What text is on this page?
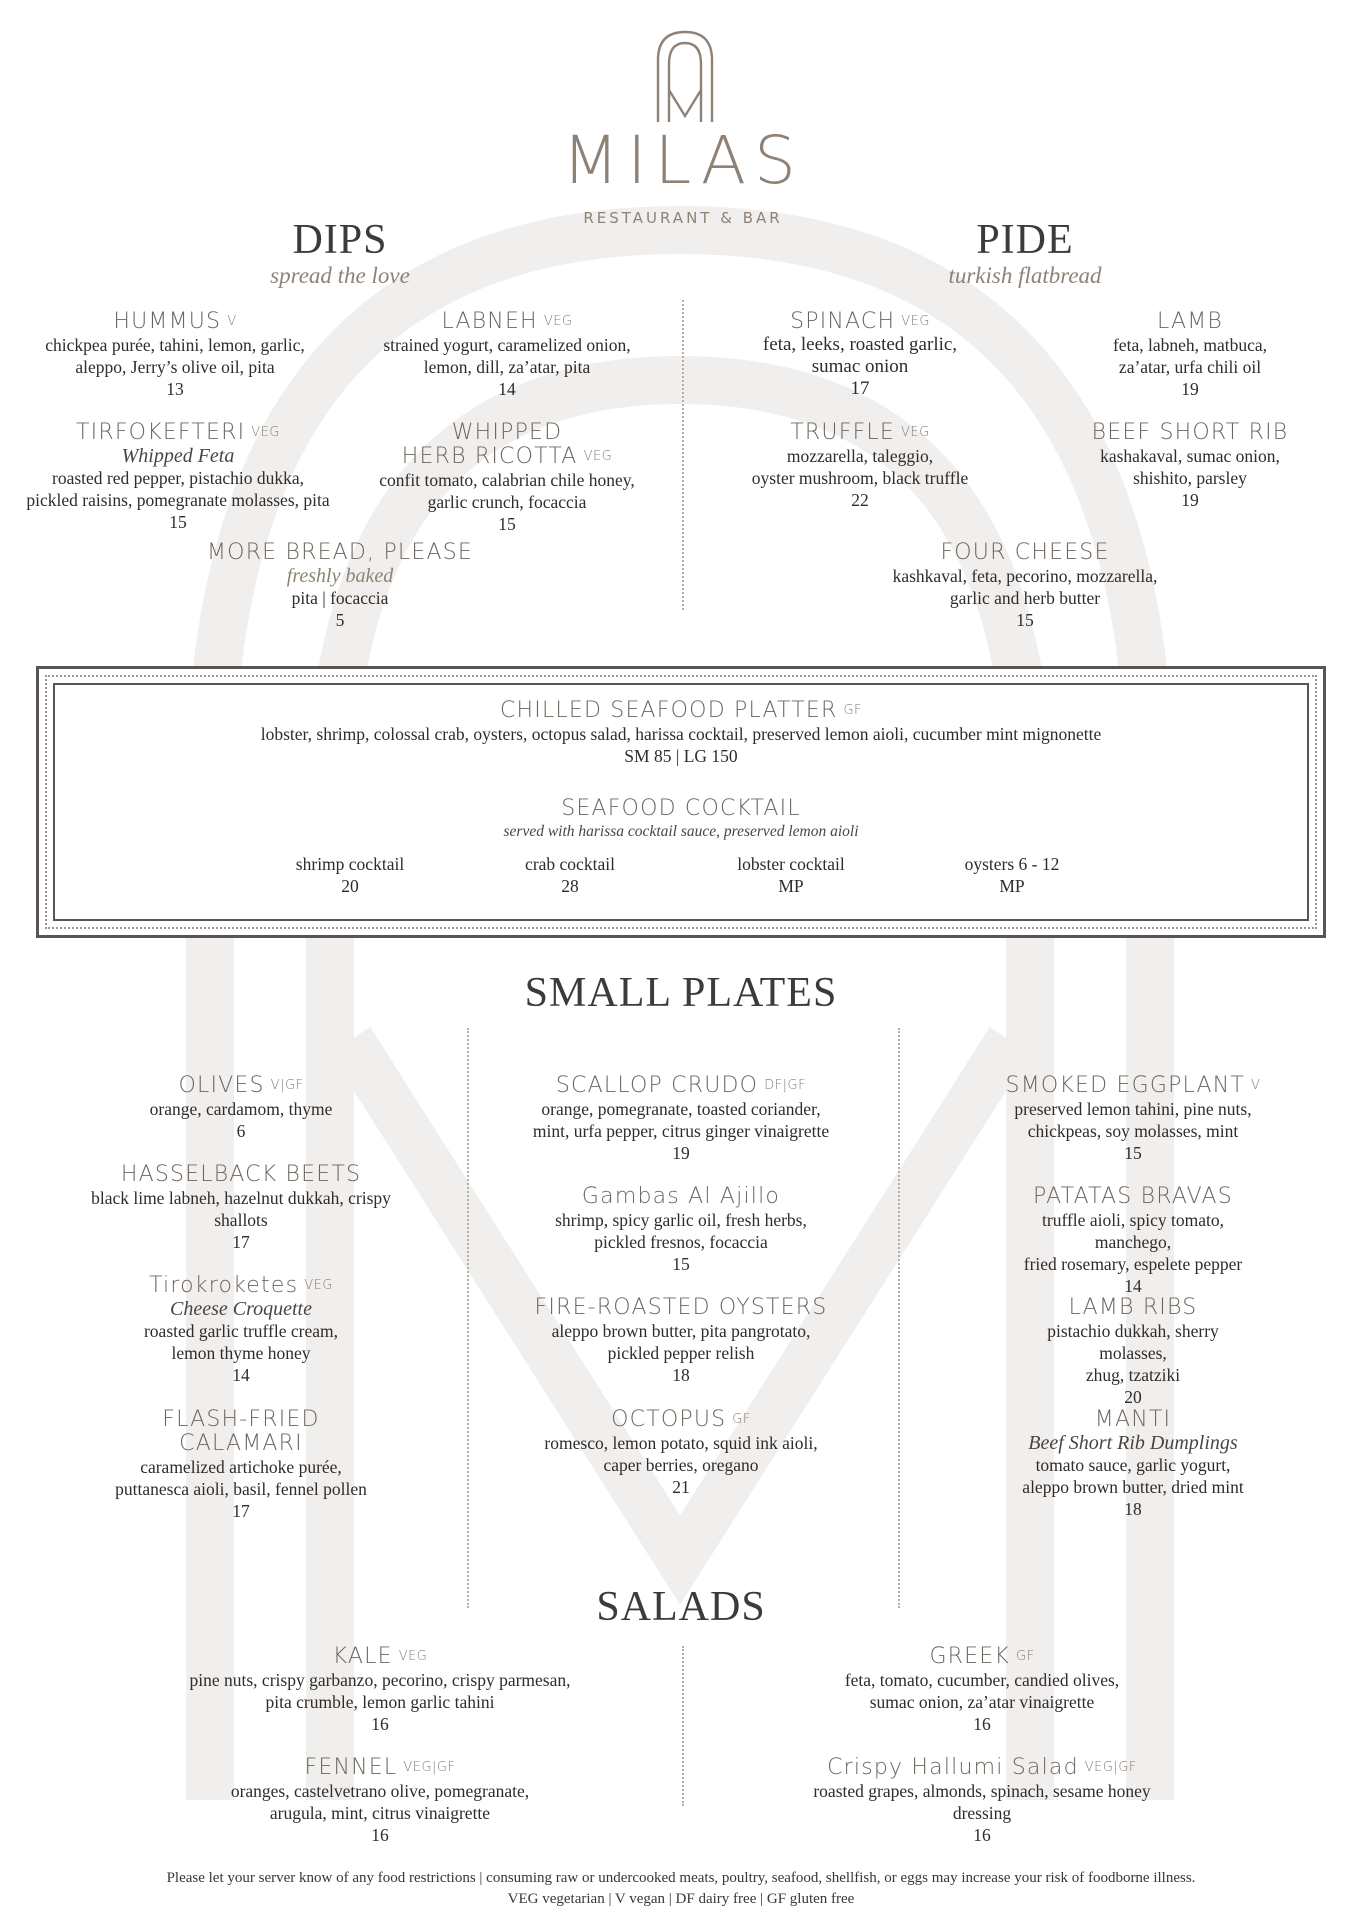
MILAS
RESTAURANT & BAR
DIPS
spread the love
PIDE
turkish flatbread
HUMMUS V
chickpea purée, tahini, lemon, garlic,
aleppo, Jerry’s olive oil, pita
13
LABNEH VEG
strained yogurt, caramelized onion,
lemon, dill, za’atar, pita
14
TIRFOKEFTERI VEG
Whipped Feta
roasted red pepper, pistachio dukka,
pickled raisins, pomegranate molasses, pita
15
WHIPPED
HERB RICOTTA VEG
confit tomato, calabrian chile honey,
garlic crunch, focaccia
15
MORE BREAD, PLEASE
freshly baked
pita | focaccia
5
SPINACH VEG
feta, leeks, roasted garlic,
sumac onion
17
LAMB
feta, labneh, matbuca,
za’atar, urfa chili oil
19
TRUFFLE VEG
mozzarella, taleggio,
oyster mushroom, black truffle
22
BEEF SHORT RIB
kashakaval, sumac onion,
shishito, parsley
19
FOUR CHEESE
kashkaval, feta, pecorino, mozzarella,
garlic and herb butter
15
CHILLED SEAFOOD PLATTER GF
lobster, shrimp, colossal crab, oysters, octopus salad, harissa cocktail, preserved lemon aioli, cucumber mint mignonette
SM 85 | LG 150
SEAFOOD COCKTAIL
served with harissa cocktail sauce, preserved lemon aioli
shrimp cocktail
20
crab cocktail
28
lobster cocktail
MP
oysters 6 - 12
MP
SMALL PLATES
OLIVES V|GF
orange, cardamom, thyme
6
HASSELBACK BEETS
black lime labneh, hazelnut dukkah, crispy
shallots
17
Tirokroketes VEG
Cheese Croquette
roasted garlic truffle cream,
lemon thyme honey
14
FLASH-FRIED
CALAMARI
caramelized artichoke purée,
puttanesca aioli, basil, fennel pollen
17
SCALLOP CRUDO DF|GF
orange, pomegranate, toasted coriander,
mint, urfa pepper, citrus ginger vinaigrette
19
Gambas Al Ajillo
shrimp, spicy garlic oil, fresh herbs,
pickled fresnos, focaccia
15
FIRE-ROASTED OYSTERS
aleppo brown butter, pita pangrotato,
pickled pepper relish
18
OCTOPUS GF
romesco, lemon potato, squid ink aioli,
caper berries, oregano
21
SMOKED EGGPLANT V
preserved lemon tahini, pine nuts,
chickpeas, soy molasses, mint
15
PATATAS BRAVAS
truffle aioli, spicy tomato, manchego,
fried rosemary, espelete pepper
14
LAMB RIBS
pistachio dukkah, sherry molasses,
zhug, tzatziki
20
MANTI
Beef Short Rib Dumplings
tomato sauce, garlic yogurt,
aleppo brown butter, dried mint
18
SALADS
KALE VEG
pine nuts, crispy garbanzo, pecorino, crispy parmesan,
pita crumble, lemon garlic tahini
16
GREEK GF
feta, tomato, cucumber, candied olives,
sumac onion, za’atar vinaigrette
16
FENNEL VEG|GF
oranges, castelvetrano olive, pomegranate,
arugula, mint, citrus vinaigrette
16
Crispy Hallumi Salad VEG|GF
roasted grapes, almonds, spinach, sesame honey dressing
16
Please let your server know of any food restrictions | consuming raw or undercooked meats, poultry, seafood, shellfish, or eggs may increase your risk of foodborne illness.
VEG vegetarian | V vegan | DF dairy free | GF gluten free
